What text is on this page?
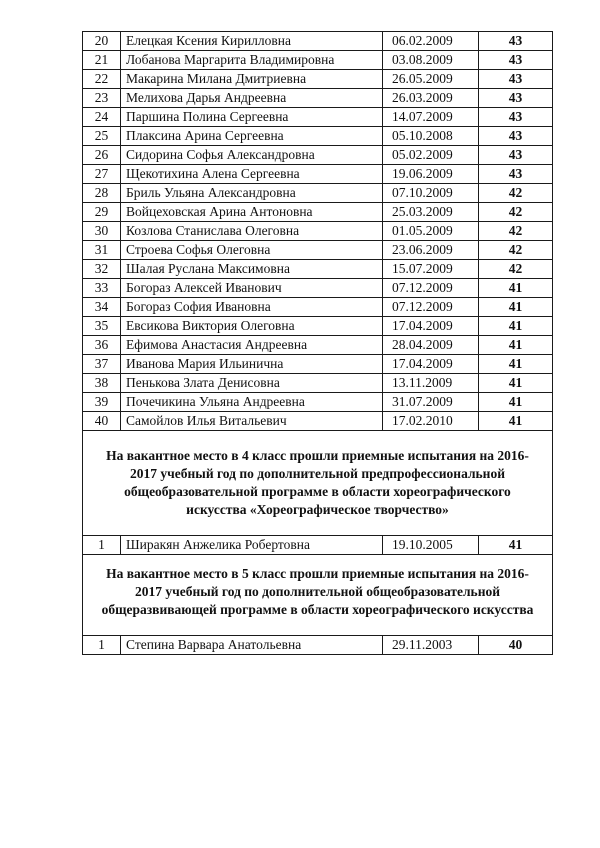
20	Елецкая Ксения Кирилловна	06.02.2009	43
21	Лобанова Маргарита Владимировна	03.08.2009	43
22	Макарина Милана Дмитриевна	26.05.2009	43
23	Мелихова Дарья Андреевна	26.03.2009	43
24	Паршина Полина Сергеевна	14.07.2009	43
25	Плаксина Арина Сергеевна	05.10.2008	43
26	Сидорина Софья Александровна	05.02.2009	43
27	Щекотихина Алена Сергеевна	19.06.2009	43
28	Бриль Ульяна Александровна	07.10.2009	42
29	Войцеховская Арина Антоновна	25.03.2009	42
30	Козлова Станислава Олеговна	01.05.2009	42
31	Строева Софья Олеговна	23.06.2009	42
32	Шалая Руслана Максимовна	15.07.2009	42
33	Богораз Алексей Иванович	07.12.2009	41
34	Богораз София Ивановна	07.12.2009	41
35	Евсикова Виктория Олеговна	17.04.2009	41
36	Ефимова Анастасия Андреевна	28.04.2009	41
37	Иванова Мария Ильинична	17.04.2009	41
38	Пенькова Злата Денисовна	13.11.2009	41
39	Почечикина Ульяна Андреевна	31.07.2009	41
40	Самойлов Илья Витальевич	17.02.2010	41

На вакантное место в 4 класс прошли приемные испытания на 2016-2017 учебный год по дополнительной предпрофессиональной общеобразовательной программе в области хореографического искусства «Хореографическое творчество»			

1	Ширакян Анжелика Робертовна	19.10.2005	41

На вакантное место в 5 класс прошли приемные испытания на 2016-2017 учебный год по дополнительной общеобразовательной общеразвивающей программе в области хореографического искусства			

1	Степина Варвара Анатольевна	29.11.2003	40
